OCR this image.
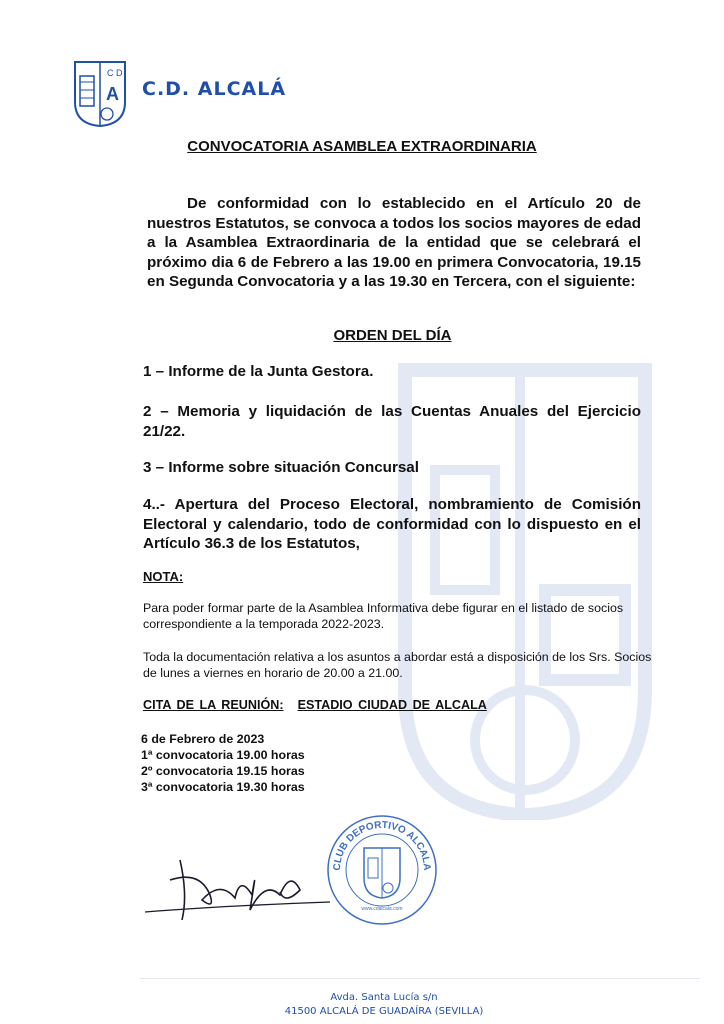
C D
A C.D. ALCALÁ
CONVOCATORIA ASAMBLEA EXTRAORDINARIA
De conformidad con lo establecido en el Artículo 20 de nuestros Estatutos, se convoca a todos los socios mayores de edad a la Asamblea Extraordinaria de la entidad que se celebrará el próximo dia 6 de Febrero a las 19.00 en primera Convocatoria, 19.15 en Segunda Convocatoria y a las 19.30 en Tercera, con el siguiente:
ORDEN DEL DÍA
1 – Informe de la Junta Gestora.
2 – Memoria y liquidación de las Cuentas Anuales del Ejercicio 21/22.
3 – Informe sobre situación Concursal
4..- Apertura del Proceso Electoral, nombramiento de Comisión Electoral y calendario, todo de conformidad con lo dispuesto en el Artículo 36.3 de los Estatutos,
NOTA:
Para poder formar parte de la Asamblea Informativa debe figurar en el listado de socios correspondiente a la temporada 2022-2023.
Toda la documentación relativa a los asuntos a abordar está a disposición de los Srs. Socios de lunes a viernes en horario de 20.00 a 21.00.
CITA DE LA REUNIÓN: ESTADIO CIUDAD DE ALCALA
6 de Febrero de 2023
1ª convocatoria 19.00 horas
2º convocatoria 19.15 horas
3ª convocatoria 19.30 horas
CLUB DEPORTIVO ALCALA
www.cdalcala.com
Avda. Santa Lucía s/n
41500 ALCALÁ DE GUADAÍRA (SEVILLA)
